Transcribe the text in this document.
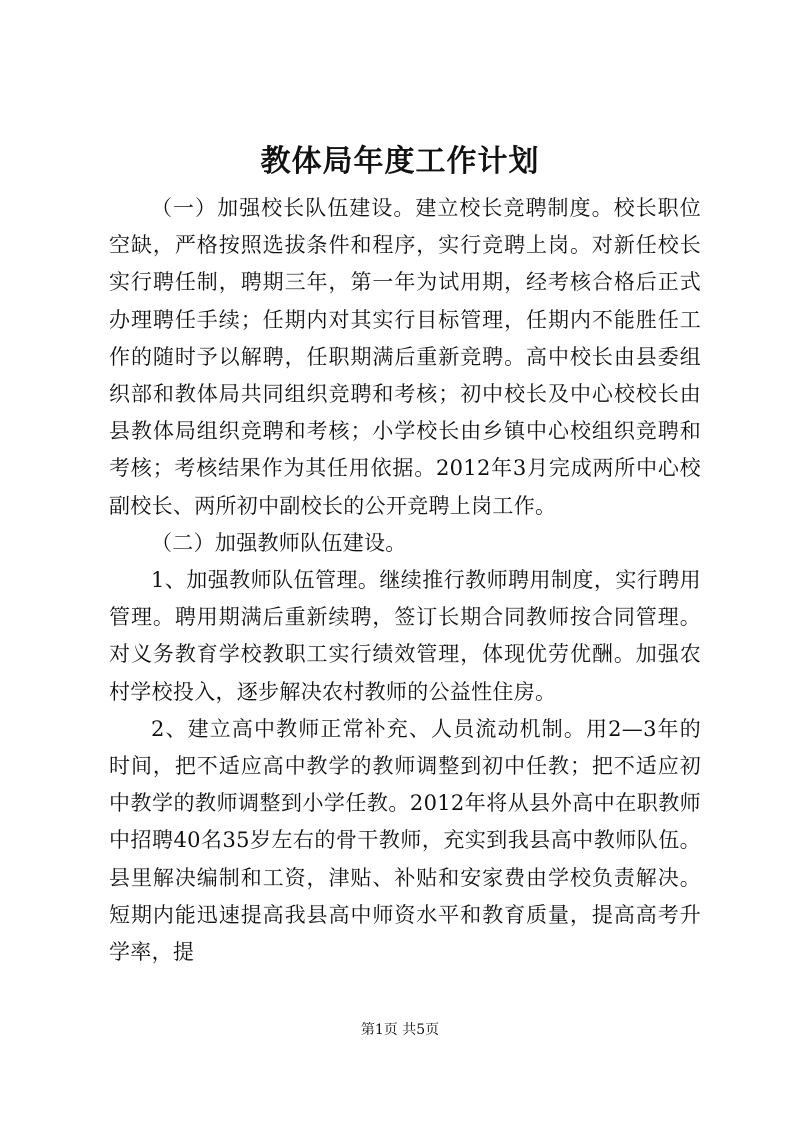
教体局年度工作计划

（一）加强校长队伍建设。建立校长竞聘制度。校长职位空缺，严格按照选拔条件和程序，实行竞聘上岗。对新任校长实行聘任制，聘期三年，第一年为试用期，经考核合格后正式办理聘任手续；任期内对其实行目标管理，任期内不能胜任工作的随时予以解聘，任职期满后重新竞聘。高中校长由县委组织部和教体局共同组织竞聘和考核；初中校长及中心校校长由县教体局组织竞聘和考核；小学校长由乡镇中心校组织竞聘和考核；考核结果作为其任用依据。2012年3月完成两所中心校副校长、两所初中副校长的公开竞聘上岗工作。

（二）加强教师队伍建设。

1、加强教师队伍管理。继续推行教师聘用制度，实行聘用管理。聘用期满后重新续聘，签订长期合同教师按合同管理。对义务教育学校教职工实行绩效管理，体现优劳优酬。加强农村学校投入，逐步解决农村教师的公益性住房。

2、建立高中教师正常补充、人员流动机制。用2—3年的时间，把不适应高中教学的教师调整到初中任教；把不适应初中教学的教师调整到小学任教。2012年将从县外高中在职教师中招聘40名35岁左右的骨干教师，充实到我县高中教师队伍。县里解决编制和工资，津贴、补贴和安家费由学校负责解决。短期内能迅速提高我县高中师资水平和教育质量，提高高考升学率，提

第1页 共5页
